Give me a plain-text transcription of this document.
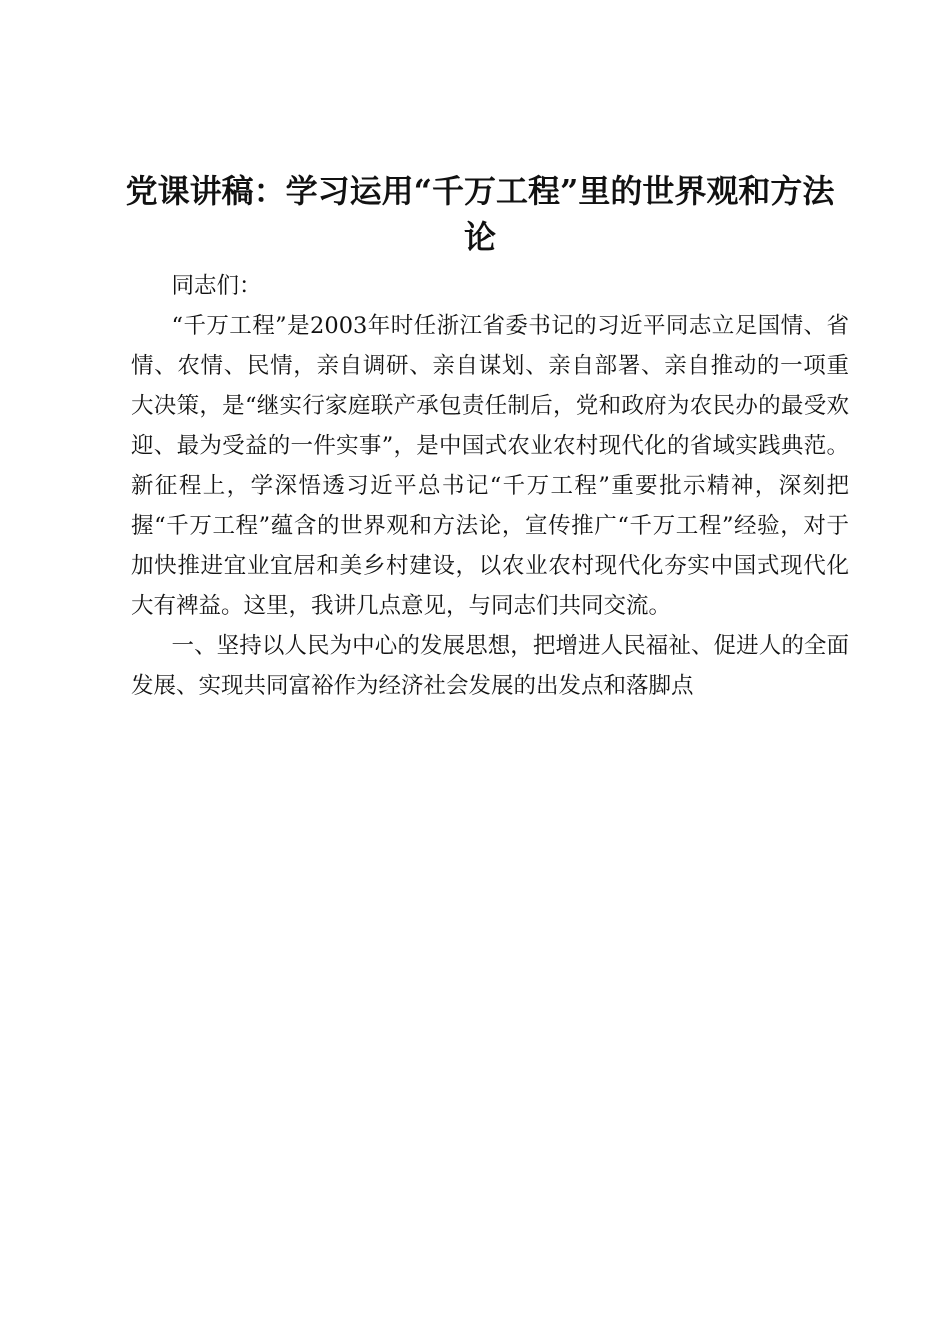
党课讲稿：学习运用“千万工程”里的世界观和方法论

同志们：

“千万工程”是2003年时任浙江省委书记的习近平同志立足国情、省情、农情、民情，亲自调研、亲自谋划、亲自部署、亲自推动的一项重大决策，是“继实行家庭联产承包责任制后，党和政府为农民办的最受欢迎、最为受益的一件实事”，是中国式农业农村现代化的省域实践典范。新征程上，学深悟透习近平总书记“千万工程”重要批示精神，深刻把握“千万工程”蕴含的世界观和方法论，宣传推广“千万工程”经验，对于加快推进宜业宜居和美乡村建设，以农业农村现代化夯实中国式现代化大有裨益。这里，我讲几点意见，与同志们共同交流。

一、坚持以人民为中心的发展思想，把增进人民福祉、促进人的全面发展、实现共同富裕作为经济社会发展的出发点和落脚点
